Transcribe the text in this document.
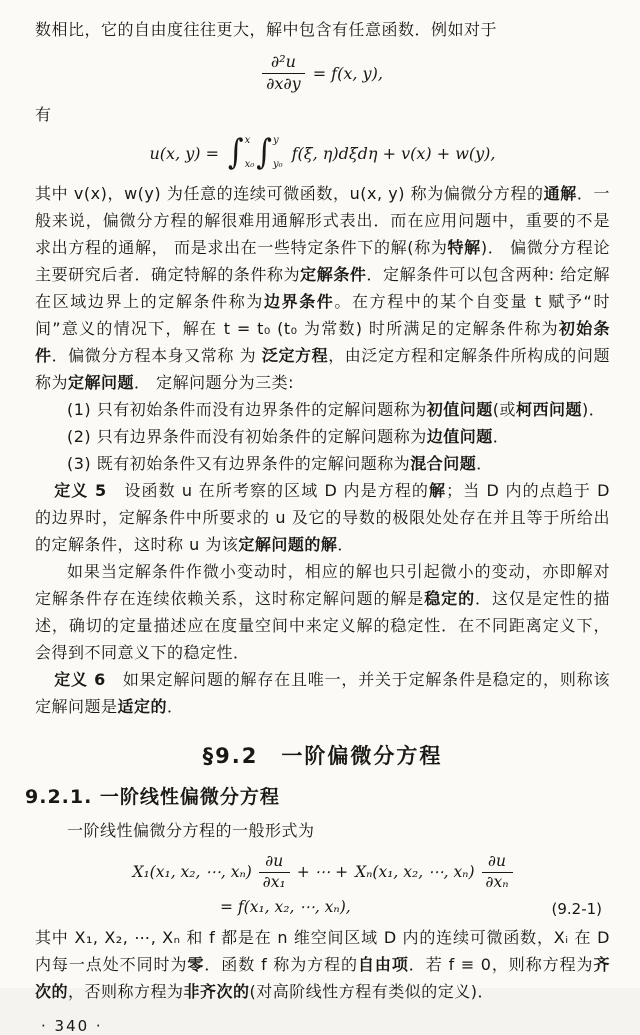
数相比，它的自由度往往更大，解中包含有任意函数．例如对于

$\frac{\text{∂²u}}{\partial x\partial y} = f(x$, y),

有

u(x, y) = ∫ x
x₀ ∫ y
y₀
f(ξ, η)dξdη + v(x) + w(y),

其中 v(x)，w(y) 为任意的连续可微函数，u(x, y) 称为偏微分方程的通解．一般来说，偏微分方程的解很难用通解形式表出．而在应用问题中，重要的不是求出方程的通解， 而是求出在一些特定条件下的解(称为特解)． 偏微分方程论主要研究后者．确定特解的条件称为定解条件．定解条件可以包含两种: 给定解在区域边界上的定解条件称为边界条件。在方程中的某个自变量 t 赋予“时间”意义的情况下，解在 t = t₀ (t₀ 为常数) 时所满足的定解条件称为初始条件．偏微分方程本身又常称 为 泛定方程，由泛定方程和定解条件所构成的问题称为定解问题． 定解问题分为三类:

(1) 只有初始条件而没有边界条件的定解问题称为初值问题(或柯西问题)．

(2) 只有边界条件而没有初始条件的定解问题称为边值问题．

(3) 既有初始条件又有边界条件的定解问题称为混合问题．

定义 5　设函数 u 在所考察的区域 D 内是方程的解；当 D 内的点趋于 D 的边界时，定解条件中所要求的 u 及它的导数的极限处处存在并且等于所给出的定解条件，这时称 u 为该定解问题的解．

如果当定解条件作微小变动时，相应的解也只引起微小的变动，亦即解对定解条件存在连续依赖关系，这时称定解问题的解是稳定的．这仅是定性的描述，确切的定量描述应在度量空间中来定义解的稳定性．在不同距离定义下，会得到不同意义下的稳定性．

定义 6　如果定解问题的解存在且唯一，并关于定解条件是稳定的，则称该定解问题是适定的．

§9.2　一阶偏微分方程
9.2.1. 一阶线性偏微分方程

一阶线性偏微分方程的一般形式为

X₁(x₁, x₂, ⋯, $x_n) \frac{\partial u}{\text{∂x₁}}$ + ⋯ + Xₙ(x₁, x₂, ⋯, $x_n) \frac{\partial u}{\text{∂xₙ}}$
= f(x₁, x₂, ⋯, xₙ),	(9.2-1)

其中 X₁, X₂, ⋯, Xₙ 和 f 都是在 n 维空间区域 D 内的连续可微函数，Xᵢ 在 D 内每一点处不同时为零．函数 f 称为方程的自由项．若 f ≡ 0，则称方程为齐次的，否则称方程为非齐次的(对高阶线性方程有类似的定义)．

· 340 ·
